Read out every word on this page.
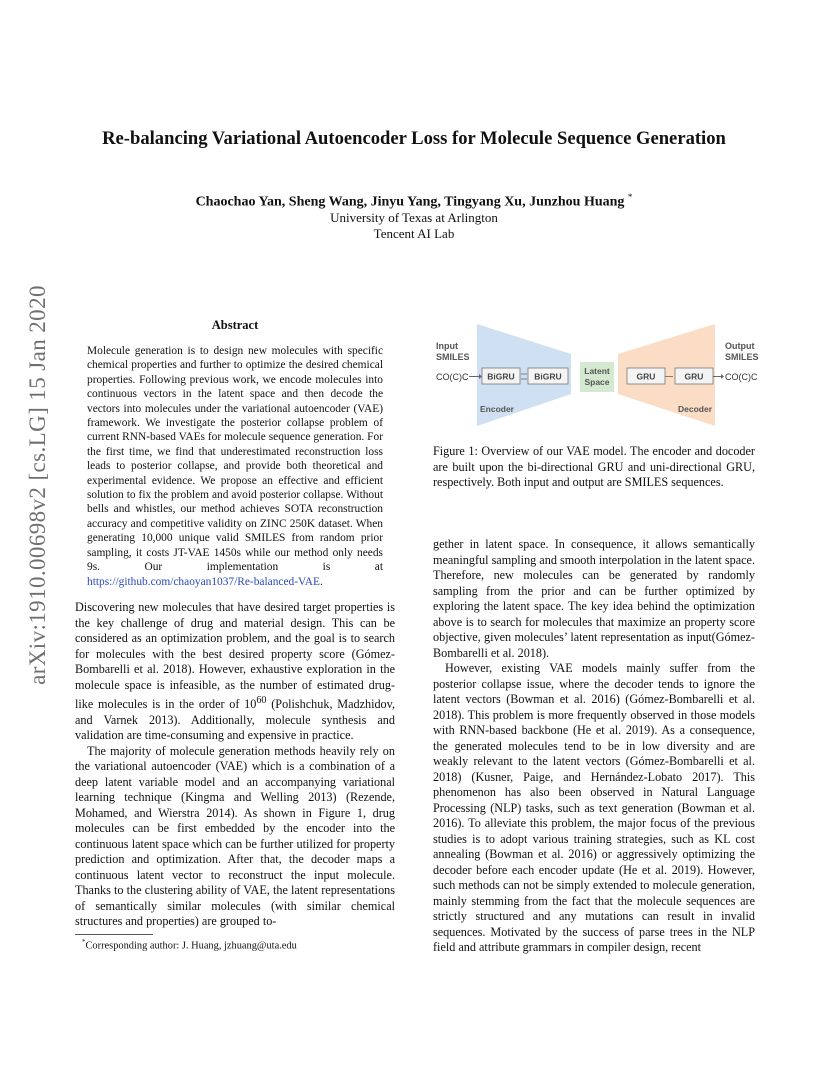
arXiv:1910.00698v2 [cs.LG] 15 Jan 2020
Re-balancing Variational Autoencoder Loss for Molecule Sequence Generation
Chaochao Yan, Sheng Wang, Jinyu Yang, Tingyang Xu, Junzhou Huang *
University of Texas at Arlington
Tencent AI Lab
Abstract
Molecule generation is to design new molecules with specific chemical properties and further to optimize the desired chemical properties. Following previous work, we encode molecules into continuous vectors in the latent space and then decode the vectors into molecules under the variational autoencoder (VAE) framework. We investigate the posterior collapse problem of current RNN-based VAEs for molecule sequence generation. For the first time, we find that underestimated reconstruction loss leads to posterior collapse, and provide both theoretical and experimental evidence. We propose an effective and efficient solution to fix the problem and avoid posterior collapse. Without bells and whistles, our method achieves SOTA reconstruction accuracy and competitive validity on ZINC 250K dataset. When generating 10,000 unique valid SMILES from random prior sampling, it costs JT-VAE 1450s while our method only needs 9s. Our implementation is at https://github.com/chaoyan1037/Re-balanced-VAE.
Input
SMILES
Output
SMILES
CO(C)C BiGRU BiGRU
Latent
Space
GRU	GRU CO(C)C
Encoder	Decoder
Figure 1: Overview of our VAE model. The encoder and docoder are built upon the bi-directional GRU and uni-directional GRU, respectively. Both input and output are SMILES sequences.

Discovering new molecules that have desired target properties is the key challenge of drug and material design. This can be considered as an optimization problem, and the goal is to search for molecules with the best desired property score (Gómez-Bombarelli et al. 2018). However, exhaustive exploration in the molecule space is infeasible, as the number of estimated drug-like molecules is in the order of $10^{60}$ (Polishchuk, Madzhidov, and Varnek 2013). Additionally, molecule synthesis and validation are time-consuming and expensive in practice.

The majority of molecule generation methods heavily rely on the variational autoencoder (VAE) which is a combination of a deep latent variable model and an accompanying variational learning technique (Kingma and Welling 2013) (Rezende, Mohamed, and Wierstra 2014). As shown in Figure 1, drug molecules can be first embedded by the encoder into the continuous latent space which can be further utilized for property prediction and optimization. After that, the decoder maps a continuous latent vector to reconstruct the input molecule. Thanks to the clustering ability of VAE, the latent representations of semantically similar molecules (with similar chemical structures and properties) are grouped to-

gether in latent space. In consequence, it allows semantically meaningful sampling and smooth interpolation in the latent space. Therefore, new molecules can be generated by randomly sampling from the prior and can be further optimized by exploring the latent space. The key idea behind the optimization above is to search for molecules that maximize an property score objective, given molecules’ latent representation as input(Gómez-Bombarelli et al. 2018).

However, existing VAE models mainly suffer from the posterior collapse issue, where the decoder tends to ignore the latent vectors (Bowman et al. 2016) (Gómez-Bombarelli et al. 2018). This problem is more frequently observed in those models with RNN-based backbone (He et al. 2019). As a consequence, the generated molecules tend to be in low diversity and are weakly relevant to the latent vectors (Gómez-Bombarelli et al. 2018) (Kusner, Paige, and Hernández-Lobato 2017). This phenomenon has also been observed in Natural Language Processing (NLP) tasks, such as text generation (Bowman et al. 2016). To alleviate this problem, the major focus of the previous studies is to adopt various training strategies, such as KL cost annealing (Bowman et al. 2016) or aggressively optimizing the decoder before each encoder update (He et al. 2019). However, such methods can not be simply extended to molecule generation, mainly stemming from the fact that the molecule sequences are strictly structured and any mutations can result in invalid sequences. Motivated by the success of parse trees in the NLP field and attribute grammars in compiler design, recent

*Corresponding author: J. Huang, jzhuang@uta.edu
